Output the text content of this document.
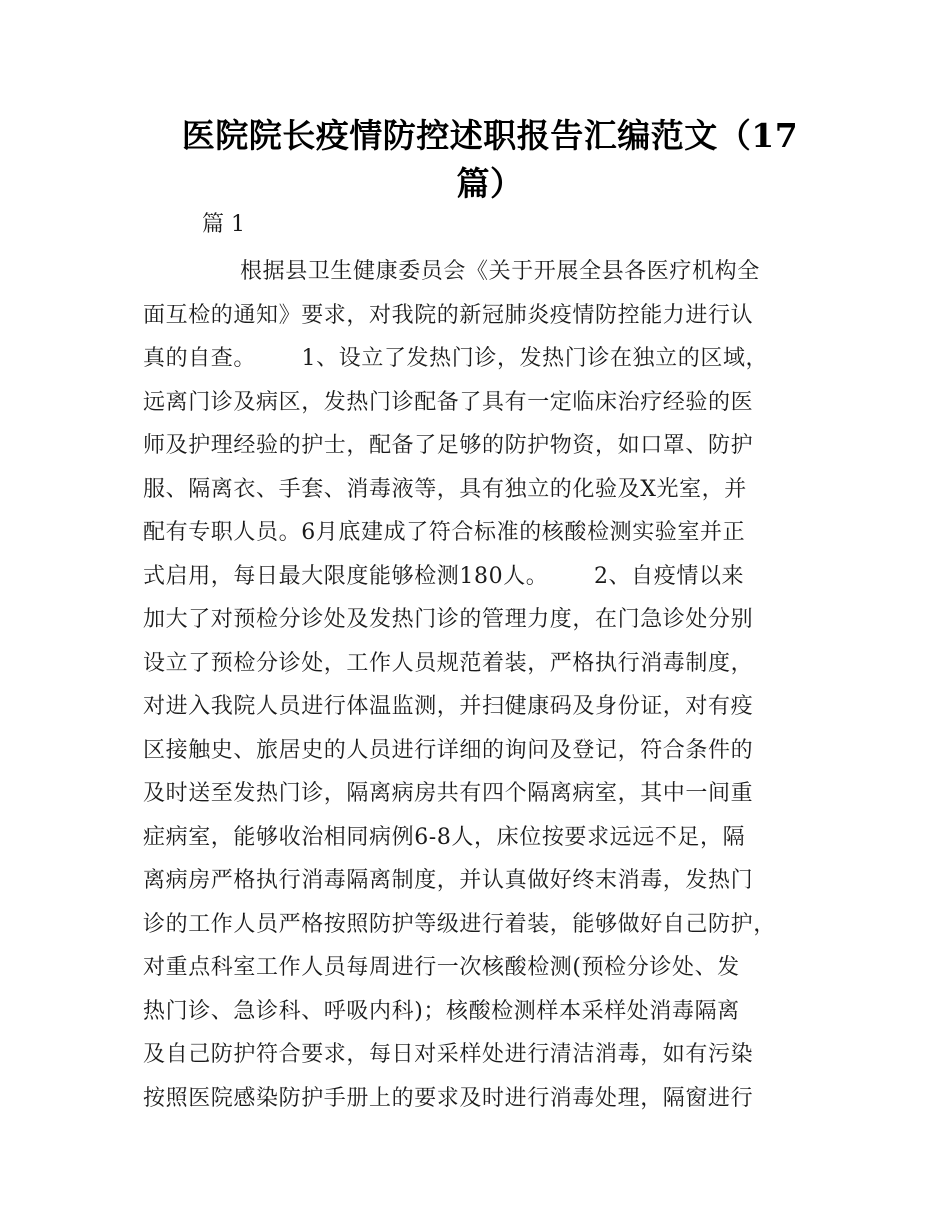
医院院长疫情防控述职报告汇编范文（17
篇）
篇 1
根据县卫生健康委员会《关于开展全县各医疗机构全
面互检的通知》要求，对我院的新冠肺炎疫情防控能力进行认
真的自查。      1、设立了发热门诊，发热门诊在独立的区域，
远离门诊及病区，发热门诊配备了具有一定临床治疗经验的医
师及护理经验的护士，配备了足够的防护物资，如口罩、防护
服、隔离衣、手套、消毒液等，具有独立的化验及X光室，并
配有专职人员。6月底建成了符合标准的核酸检测实验室并正
式启用，每日最大限度能够检测180人。      2、自疫情以来
加大了对预检分诊处及发热门诊的管理力度，在门急诊处分别
设立了预检分诊处，工作人员规范着装，严格执行消毒制度，
对进入我院人员进行体温监测，并扫健康码及身份证，对有疫
区接触史、旅居史的人员进行详细的询问及登记，符合条件的
及时送至发热门诊，隔离病房共有四个隔离病室，其中一间重
症病室，能够收治相同病例6-8人，床位按要求远远不足，隔
离病房严格执行消毒隔离制度，并认真做好终末消毒，发热门
诊的工作人员严格按照防护等级进行着装，能够做好自己防护，
对重点科室工作人员每周进行一次核酸检测(预检分诊处、发
热门诊、急诊科、呼吸内科)；核酸检测样本采样处消毒隔离
及自己防护符合要求，每日对采样处进行清洁消毒，如有污染
按照医院感染防护手册上的要求及时进行消毒处理，隔窗进行
